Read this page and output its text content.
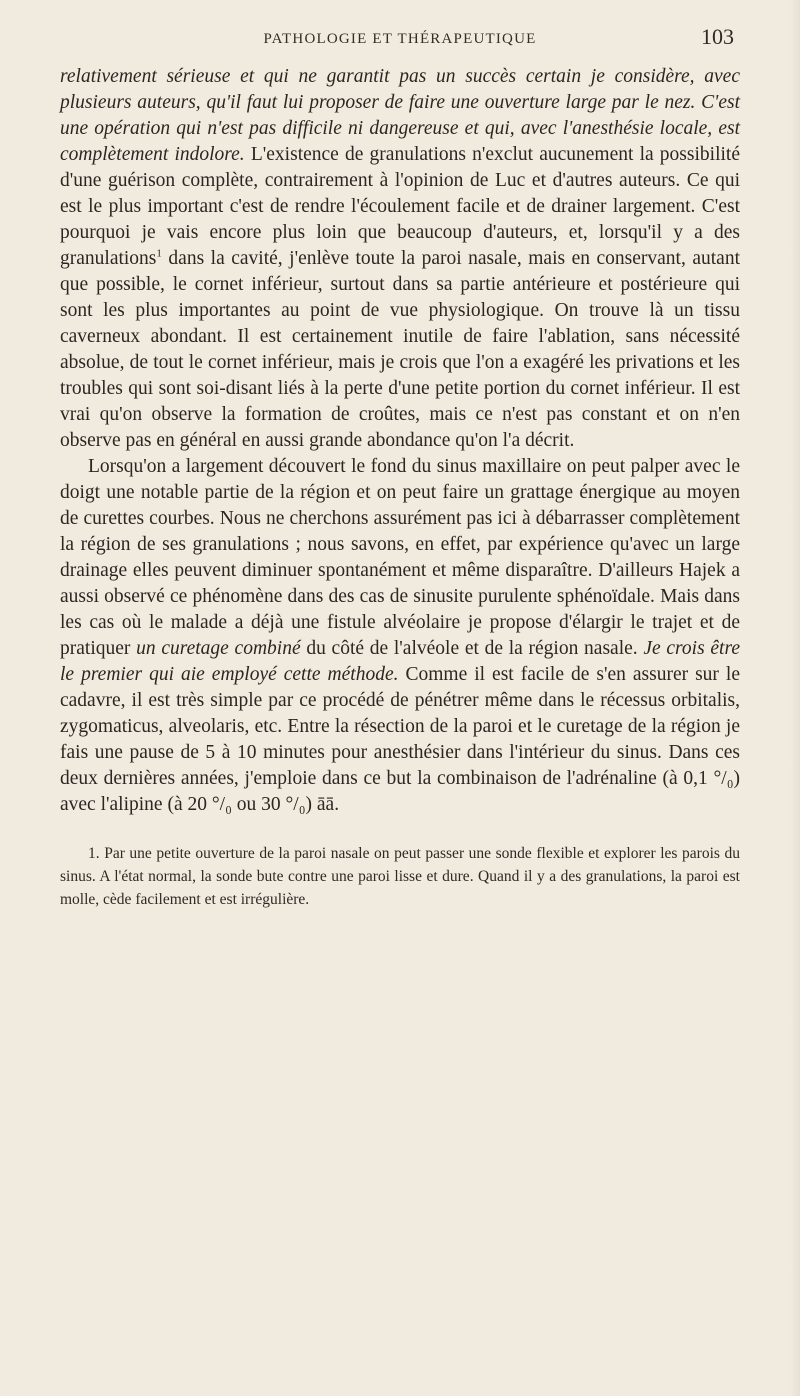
PATHOLOGIE ET THÉRAPEUTIQUE	103

relativement sérieuse et qui ne garantit pas un succès certain je considère, avec plusieurs auteurs, qu'il faut lui proposer de faire une ouverture large par le nez. C'est une opération qui n'est pas difficile ni dangereuse et qui, avec l'anesthésie locale, est complètement indolore. L'existence de granulations n'exclut aucunement la possibilité d'une guérison complète, contrairement à l'opinion de Luc et d'autres auteurs. Ce qui est le plus important c'est de rendre l'écoulement facile et de drainer largement. C'est pourquoi je vais encore plus loin que beaucoup d'auteurs, et, lorsqu'il y a des granulations$^1$ dans la cavité, j'enlève toute la paroi nasale, mais en conservant, autant que possible, le cornet inférieur, surtout dans sa partie antérieure et postérieure qui sont les plus importantes au point de vue physiologique. On trouve là un tissu caverneux abondant. Il est certainement inutile de faire l'ablation, sans nécessité absolue, de tout le cornet inférieur, mais je crois que l'on a exagéré les privations et les troubles qui sont soi-disant liés à la perte d'une petite portion du cornet inférieur. Il est vrai qu'on observe la formation de croûtes, mais ce n'est pas constant et on n'en observe pas en général en aussi grande abondance qu'on l'a décrit.

Lorsqu'on a largement découvert le fond du sinus maxillaire on peut palper avec le doigt une notable partie de la région et on peut faire un grattage énergique au moyen de curettes courbes. Nous ne cherchons assurément pas ici à débarrasser complètement la région de ses granulations ; nous savons, en effet, par expérience qu'avec un large drainage elles peuvent diminuer spontanément et même disparaître. D'ailleurs Hajek a aussi observé ce phénomène dans des cas de sinusite purulente sphénoïdale. Mais dans les cas où le malade a déjà une fistule alvéolaire je propose d'élargir le trajet et de pratiquer un curetage combiné du côté de l'alvéole et de la région nasale. Je crois être le premier qui aie employé cette méthode. Comme il est facile de s'en assurer sur le cadavre, il est très simple par ce procédé de pénétrer même dans le récessus orbitalis, zygomaticus, alveolaris, etc. Entre la résection de la paroi et le curetage de la région je fais une pause de 5 à 10 minutes pour anesthésier dans l'intérieur du sinus. Dans ces deux dernières années, j'emploie dans ce but la combinaison de l'adrénaline (à 0,1 °/₀) avec l'alipine (à 20 °/₀ ou 30 °/₀) āā.

1. Par une petite ouverture de la paroi nasale on peut passer une sonde flexible et explorer les parois du sinus. A l'état normal, la sonde bute contre une paroi lisse et dure. Quand il y a des granulations, la paroi est molle, cède facilement et est irrégulière.
